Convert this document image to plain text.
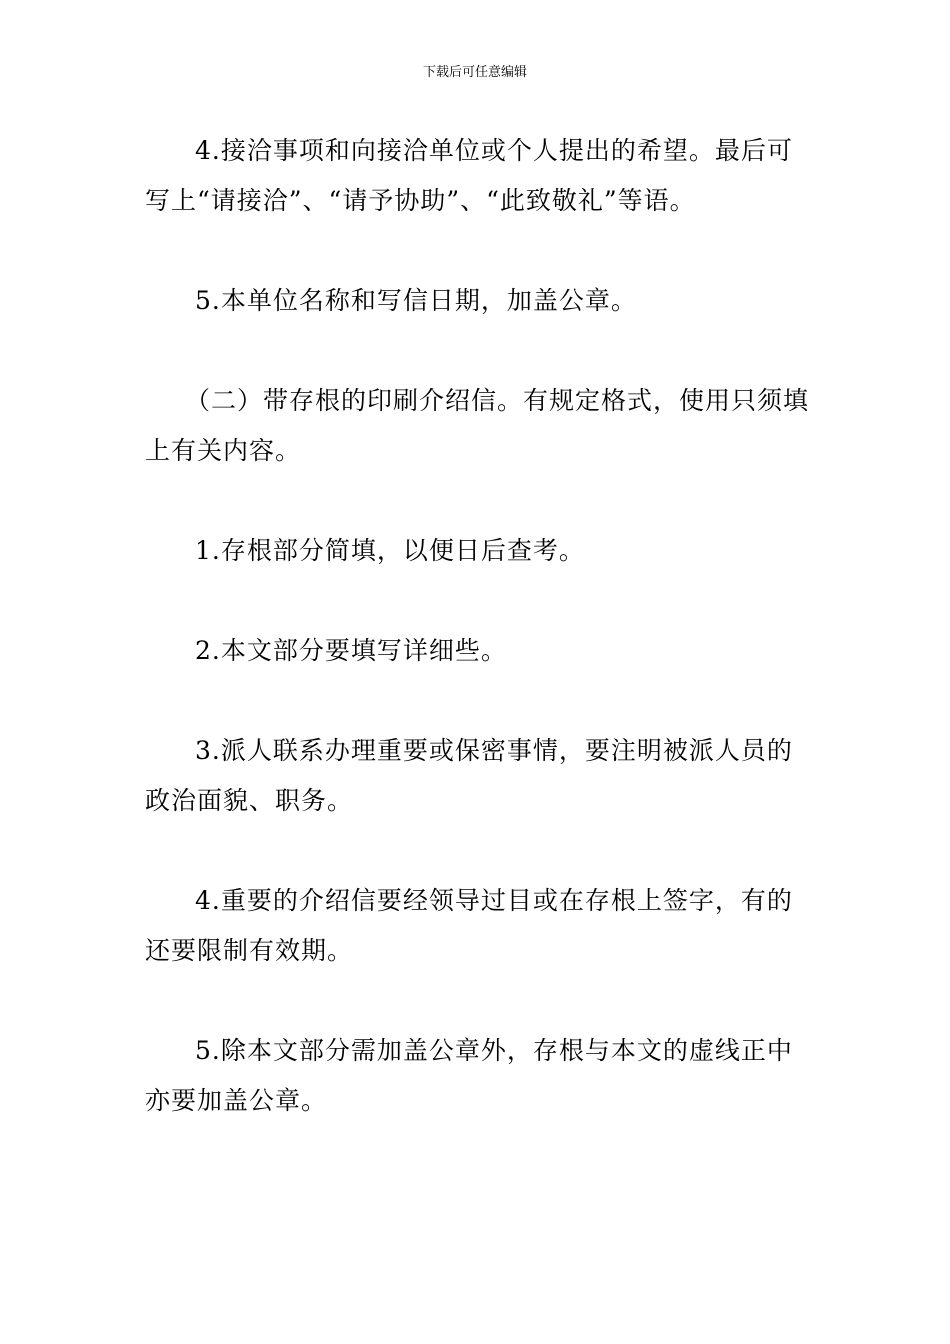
下载后可任意编辑

4.接洽事项和向接洽单位或个人提出的希望。最后可写上“请接洽”、“请予协助”、“此致敬礼”等语。

5.本单位名称和写信日期，加盖公章。

（二）带存根的印刷介绍信。有规定格式，使用只须填上有关内容。

1.存根部分简填，以便日后查考。

2.本文部分要填写详细些。

3.派人联系办理重要或保密事情，要注明被派人员的政治面貌、职务。

4.重要的介绍信要经领导过目或在存根上签字，有的还要限制有效期。

5.除本文部分需加盖公章外，存根与本文的虚线正中亦要加盖公章。
